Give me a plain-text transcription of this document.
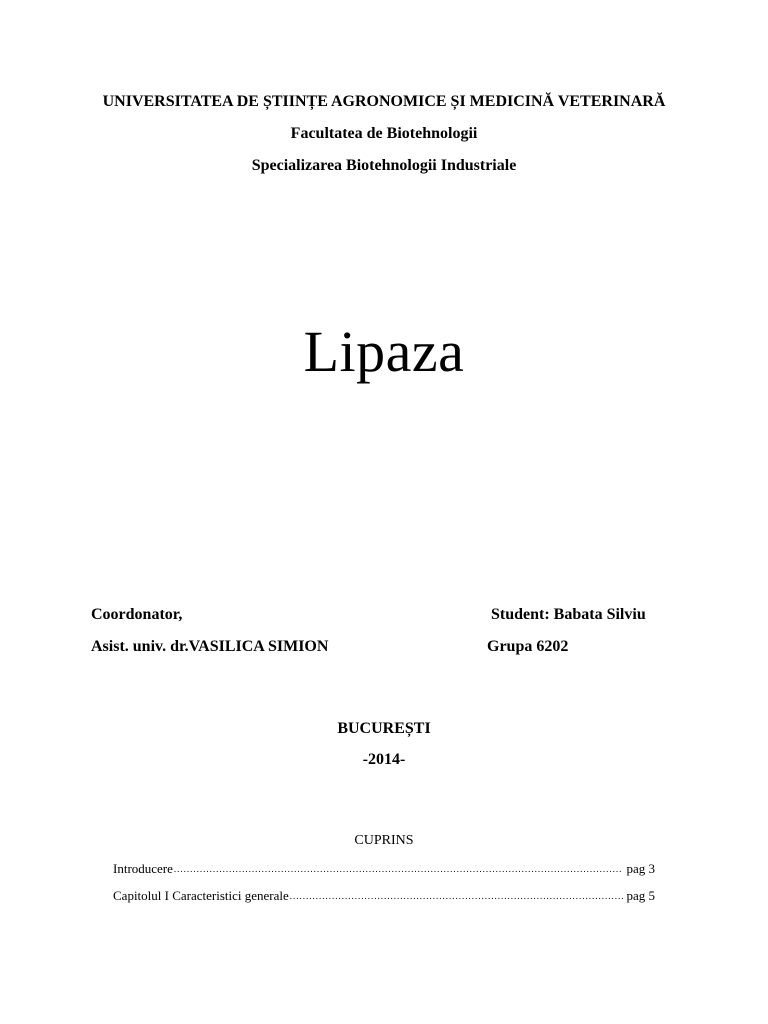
UNIVERSITATEA DE ȘTIINȚE AGRONOMICE ȘI MEDICINĂ VETERINARĂ
Facultatea de Biotehnologii
Specializarea Biotehnologii Industriale
Lipaza
Coordonator,
Asist. univ. dr.VASILICA SIMION
Student: Babata Silviu
Grupa 6202
BUCUREȘTI
-2014-
CUPRINS
Introducere .....	pag 3
Capitolul I Caracteristici generale .....	pag 5
